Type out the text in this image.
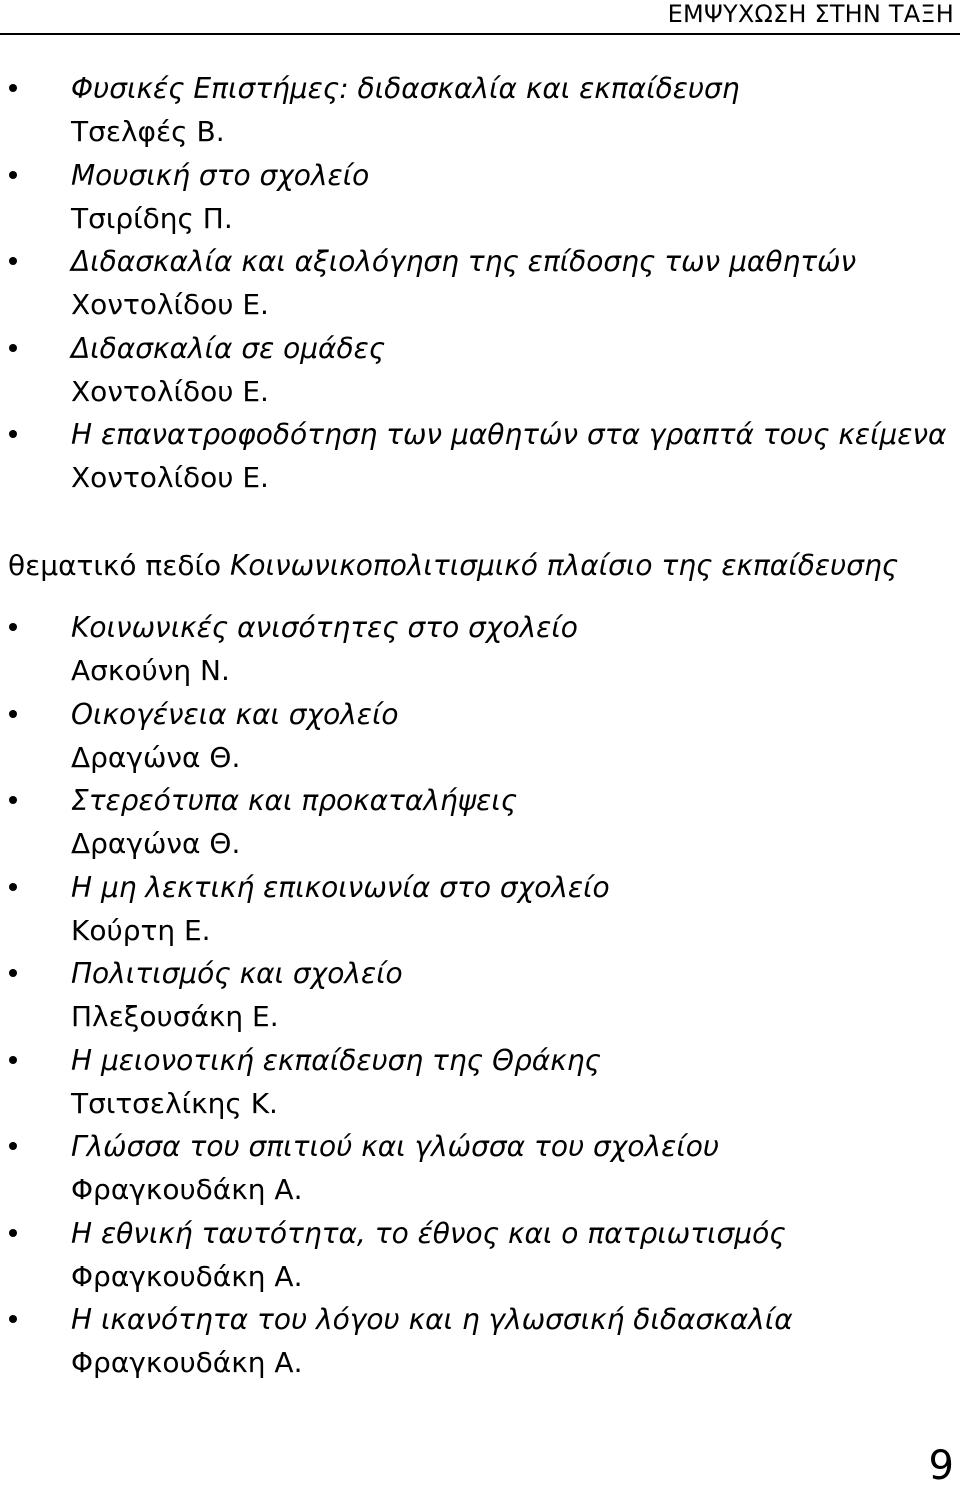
ΕΜΨΥΧΩΣΗ ΣΤΗΝ ΤΑΞΗ
Φυσικές Επιστήμες: διδασκαλία και εκπαίδευση
Τσελφές Β.
Μουσική στο σχολείο
Τσιρίδης Π.
Διδασκαλία και αξιολόγηση της επίδοσης των μαθητών
Χοντολίδου Ε.
Διδασκαλία σε ομάδες
Χοντολίδου Ε.
Η επανατροφοδότηση των μαθητών στα γραπτά τους κείμενα
Χοντολίδου Ε.
θεματικό πεδίο Κοινωνικοπολιτισμικό πλαίσιο της εκπαίδευσης
Κοινωνικές ανισότητες στο σχολείο
Ασκούνη Ν.
Οικογένεια και σχολείο
Δραγώνα Θ.
Στερεότυπα και προκαταλήψεις
Δραγώνα Θ.
Η μη λεκτική επικοινωνία στο σχολείο
Κούρτη Ε.
Πολιτισμός και σχολείο
Πλεξουσάκη Ε.
Η μειονοτική εκπαίδευση της Θράκης
Τσιτσελίκης Κ.
Γλώσσα του σπιτιού και γλώσσα του σχολείου
Φραγκουδάκη Α.
Η εθνική ταυτότητα, το έθνος και ο πατριωτισμός
Φραγκουδάκη Α.
Η ικανότητα του λόγου και η γλωσσική διδασκαλία
Φραγκουδάκη Α.
9
